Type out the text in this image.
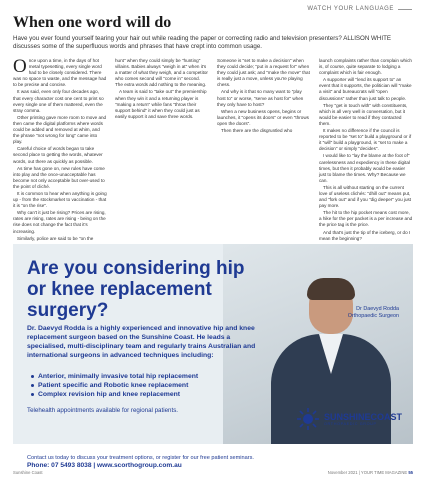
WATCH YOUR LANGUAGE
When one word will do

Have you ever found yourself tearing your hair out while reading the paper or correcting radio and television presenters? ALLISON WHITE discusses some of the superfluous words and phrases that have crept into common usage.

O nce upon a time, in the days of hot metal typesetting, every single word had to be closely considered. There was no space to waste, and the message had to be precise and concise.

It was said, even only four decades ago, that every character cost one cent to print so every single one of them mattered, even the stray comma.

Other printing gave more room to move and then came the digital platforms where words could be added and removed at whim, and the phrase "not wrong for long" came into play.

Careful choice of words began to take second place to getting the words, whatever words, out there as quickly as possible.

As time has gone on, new rules have come into play and the once-unacceptable has become not only acceptable but over-used to the point of cliché.

It is common to hear when anything is going up - from the stockmarket to vaccination - that it is "on the rise".

Why can't it just be rising? Prices are rising, rates are rising, rates are rising - being on the rise does not change the fact that it's increasing.

Similarly, police are said to be "on the

hunt" when they could simply be "hunting" villains. Babies always "weigh in at" when it's a matter of what they weigh, and a competitor who comes second will "come in" second. The extra words add nothing to the meaning.

A team is said to "take out" the premiership when they win it and a returning player is "making a return" while fans "throw their support behind" it when they could just as easily support it and save three words.

Someone is "set to make a decision" when they could decide; "put in a request for" when they could just ask; and "make the move" that is really just a move, unless you're playing chess.

And why is it that so many want to "play host to" or worse, "serve as host for" when they only have to host?

When a new business opens, begins or launches, it "opens its doors" or even "throws open the doors".

Then there are the disgruntled who

launch complaints rather than complain which is, of course, quite separate to lodging a complaint which is fair enough.

A supporter will "lend its support to" an event that it supports, the politician will "make a visit" and bureaucrats will "open discussions" rather than just talk to people.

They "get in touch with" with constituents, which is all very well in conversation, but it would be easier to read if they contacted them.

It makes no difference if the council is reported to be "set to" build a playground or if it "will" build a playground, is "set to make a decision" or simply "decides".

I would like to "lay the blame at the foot of" carelessness and expediency in these digital times, but then it probably would be easier just to blame the times. Why? Because we can.

This is all without starting on the current love of useless clichés: "dhill out" means put, and "fork out" and if you "dig deeper" you just pay more.

The hit to the hip pocket means cost more, a hike for the per packet is a per increase and the price tag is the price.

And that's just the tip of the iceberg, or do I mean the beginning?

Are you considering hip or knee replacement surgery?	Dr Daevyd Rodda
Orthopaedic Surgeon

Dr. Daevyd Rodda is a highly experienced and innovative hip and knee replacement surgeon based on the Sunshine Coast. He leads a specialised, multi-disciplinary team and regularly trains Australian and international surgeons in advanced techniques including:

Anterior, minimally invasive total hip replacement
Patient specific and Robotic knee replacement
Complex revision hip and knee replacement

Telehealth appointments available for regional patients.

SUNSHINECOAST
ORTHOPAEDIC GROUP
Contact us today to discuss your treatment options, or register for our free patient seminars.
Phone: 07 5493 8038 | www.scorthogroup.com.au
Sunshine Coast	November 2021 | YOUR TIME MAGAZINE 55
